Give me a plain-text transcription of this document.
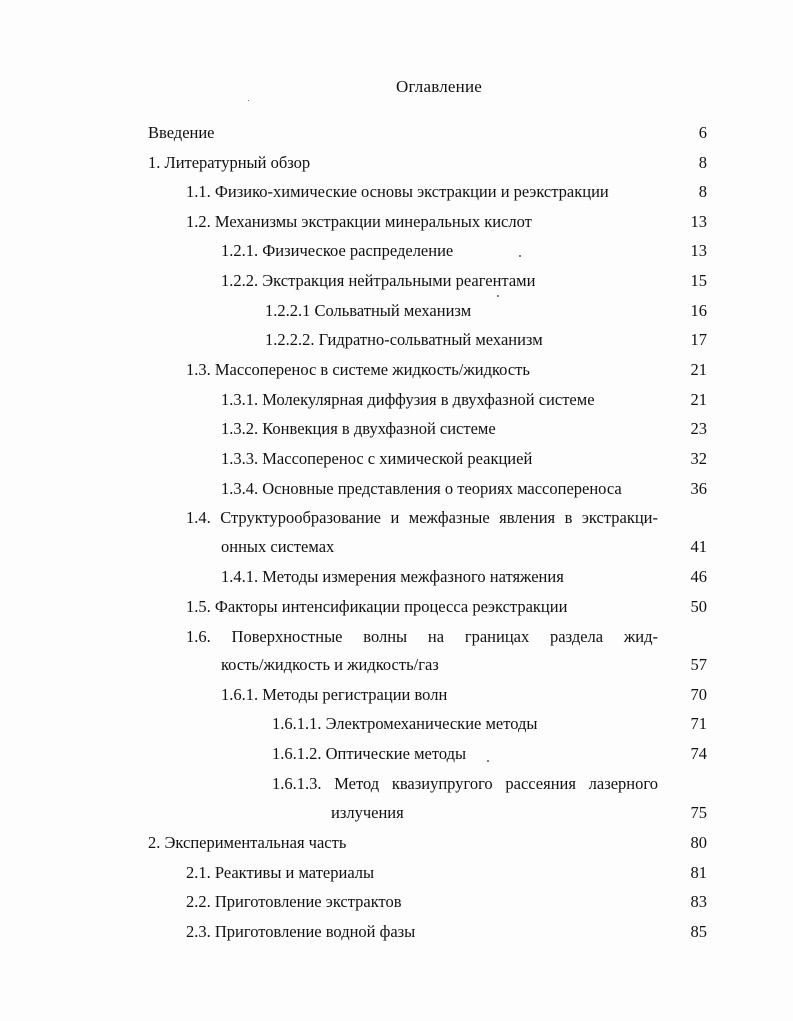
Оглавление
Введение	6
1. Литературный обзор	8
1.1. Физико-химические основы экстракции и реэкстракции	8
1.2. Механизмы экстракции минеральных кислот	13
1.2.1. Физическое распределение	13
1.2.2. Экстракция нейтральными реагентами	15
1.2.2.1 Сольватный механизм	16
1.2.2.2. Гидратно-сольватный механизм	17
1.3. Массоперенос в системе жидкость/жидкость	21
1.3.1. Молекулярная диффузия в двухфазной системе	21
1.3.2. Конвекция в двухфазной системе	23
1.3.3. Массоперенос с химической реакцией	32
1.3.4. Основные представления о теориях массопереноса	36
1.4. Структурообразование и межфазные явления в экстракци-
онных системах	41
1.4.1. Методы измерения межфазного натяжения	46
1.5. Факторы интенсификации процесса реэкстракции	50
1.6. Поверхностные волны на границах раздела жид-
кость/жидкость и жидкость/газ	57
1.6.1. Методы регистрации волн	70
1.6.1.1. Электромеханические методы	71
1.6.1.2. Оптические методы	74
1.6.1.3. Метод квазиупругого рассеяния лазерного
излучения	75
2. Экспериментальная часть	80
2.1. Реактивы и материалы	81
2.2. Приготовление экстрактов	83
2.3. Приготовление водной фазы	85
